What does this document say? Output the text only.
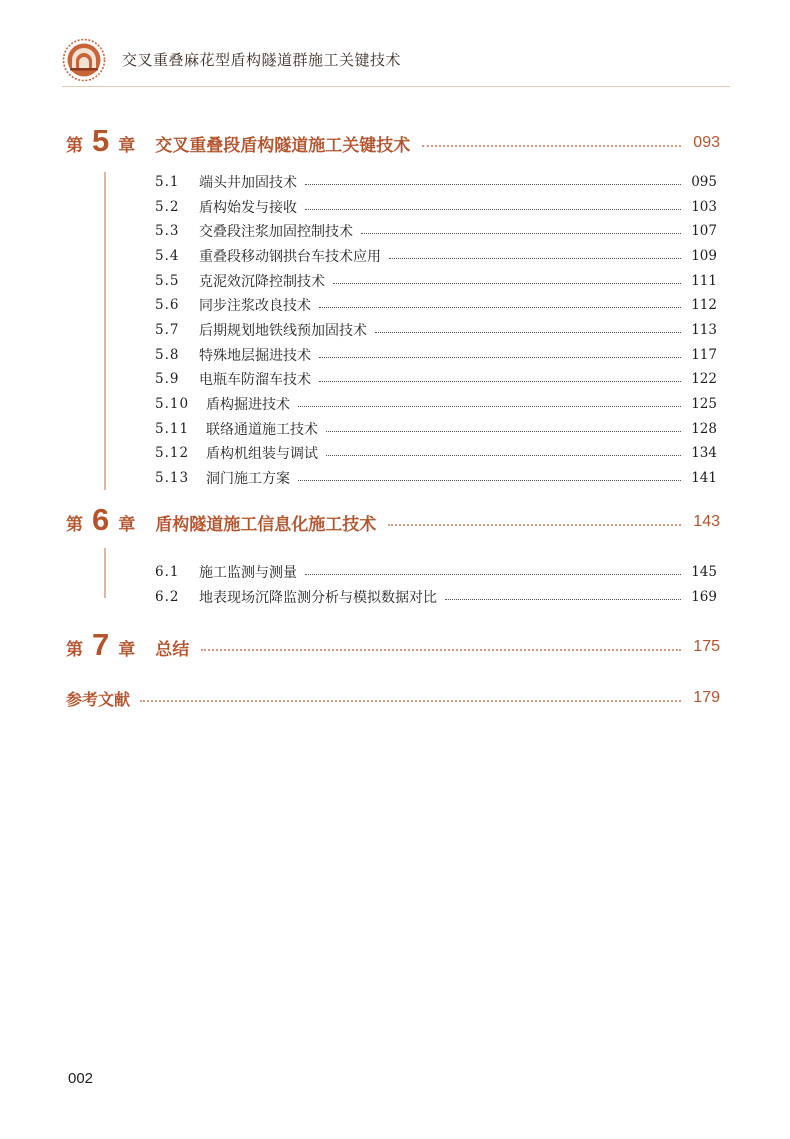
交叉重叠麻花型盾构隧道群施工关键技术
第 5 章 交叉重叠段盾构隧道施工关键技术	093
5.1	端头井加固技术	095
5.2	盾构始发与接收	103
5.3	交叠段注浆加固控制技术	107
5.4	重叠段移动钢拱台车技术应用	109
5.5	克泥效沉降控制技术	111
5.6	同步注浆改良技术	112
5.7	后期规划地铁线预加固技术	113
5.8	特殊地层掘进技术	117
5.9	电瓶车防溜车技术	122
5.10	盾构掘进技术	125
5.11	联络通道施工技术	128
5.12	盾构机组装与调试	134
5.13	洞门施工方案	141
第 6 章 盾构隧道施工信息化施工技术	143
6.1	施工监测与测量	145
6.2	地表现场沉降监测分析与模拟数据对比	169
第 7 章 总结	175
参考文献	179
002
